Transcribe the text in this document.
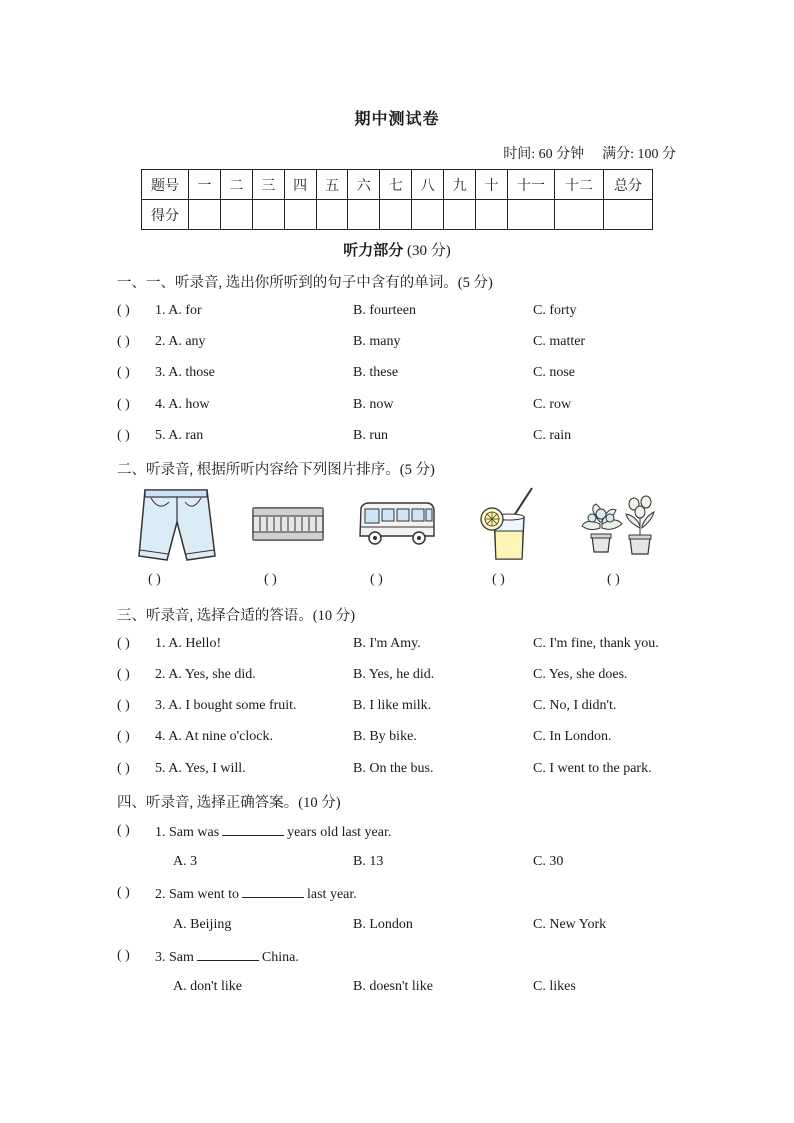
期中测试卷
时间: 60 分钟 满分: 100 分
题号	一	二	三	四	五	六	七	八	九	十	十一	十二	总分
得分													
听力部分 (30 分)
一、一、听录音, 选出你所听到的句子中含有的单词。(5 分)
( ) 1. A. for	B. fourteen	C. forty
( ) 2. A. any	B. many	C. matter
( ) 3. A. those	B. these	C. nose
( ) 4. A. how	B. now	C. row
( ) 5. A. ran	B. run	C. rain
二、听录音, 根据所听内容给下列图片排序。(5 分)
( )	( )	( )	( )	( )
三、听录音, 选择合适的答语。(10 分)
( ) 1. A. Hello!	B. I'm Amy.	C. I'm fine, thank you.
( ) 2. A. Yes, she did.	B. Yes, he did.	C. Yes, she does.
( ) 3. A. I bought some fruit.	B. I like milk.	C. No, I didn't.
( ) 4. A. At nine o'clock.	B. By bike.	C. In London.
( ) 5. A. Yes, I will.	B. On the bus.	C. I went to the park.
四、听录音, 选择正确答案。(10 分)
( ) 1. Sam was	years old last year.
A. 3	B. 13	C. 30
( ) 2. Sam went to	last year.
A. Beijing	B. London	C. New York
( ) 3. Sam	China.
A. don't like	B. doesn't like	C. likes
